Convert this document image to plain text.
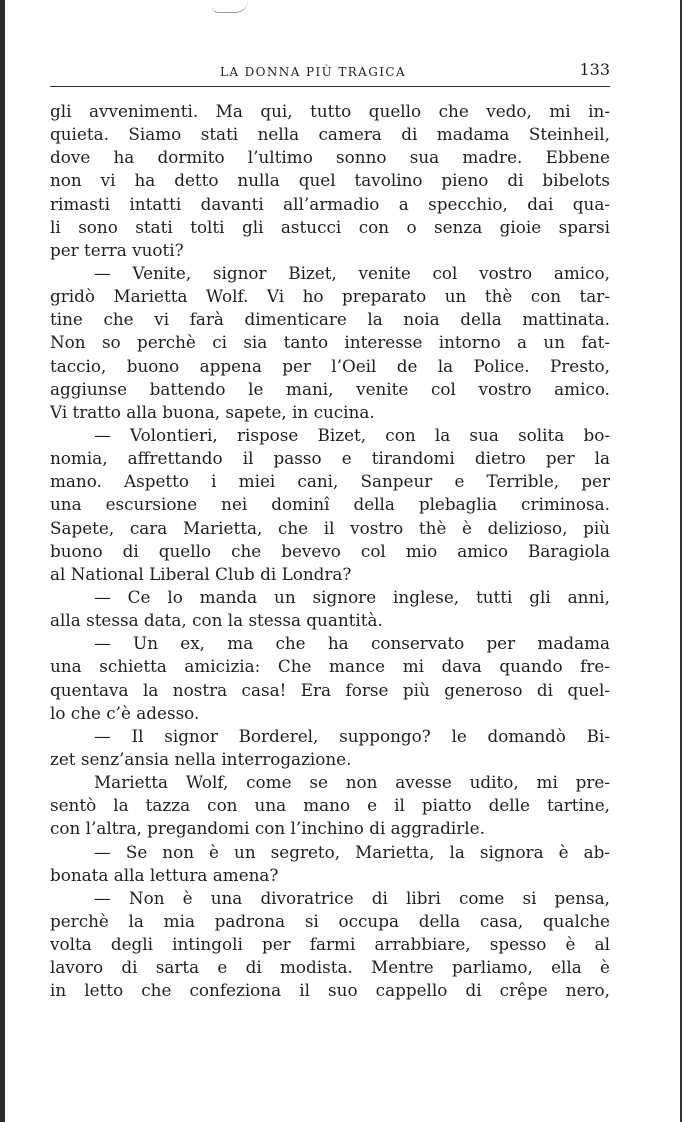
LA DONNA PIÙ TRAGICA	133
gli avvenimenti. Ma qui, tutto quello che vedo, mi in-
quieta. Siamo stati nella camera di madama Steinheil,
dove ha dormito l’ultimo sonno sua madre. Ebbene
non vi ha detto nulla quel tavolino pieno di bibelots
rimasti intatti davanti all’armadio a specchio, dai qua-
li sono stati tolti gli astucci con o senza gioie sparsi
per terra vuoti?
— Venite, signor Bizet, venite col vostro amico,
gridò Marietta Wolf. Vi ho preparato un thè con tar-
tine che vi farà dimenticare la noia della mattinata.
Non so perchè ci sia tanto interesse intorno a un fat-
taccio, buono appena per l’Oeil de la Police. Presto,
aggiunse battendo le mani, venite col vostro amico.
Vi tratto alla buona, sapete, in cucina.
— Volontieri, rispose Bizet, con la sua solita bo-
nomia, affrettando il passo e tirandomi dietro per la
mano. Aspetto i miei cani, Sanpeur e Terrible, per
una escursione nei dominî della plebaglia criminosa.
Sapete, cara Marietta, che il vostro thè è delizioso, più
buono di quello che bevevo col mio amico Baragiola
al National Liberal Club di Londra?
— Ce lo manda un signore inglese, tutti gli anni,
alla stessa data, con la stessa quantità.
— Un ex, ma che ha conservato per madama
una schietta amicizia: Che mance mi dava quando fre-
quentava la nostra casa! Era forse più generoso di quel-
lo che c’è adesso.
— Il signor Borderel, suppongo? le domandò Bi-
zet senz’ansia nella interrogazione.
Marietta Wolf, come se non avesse udito, mi pre-
sentò la tazza con una mano e il piatto delle tartine,
con l’altra, pregandomi con l’inchino di aggradirle.
— Se non è un segreto, Marietta, la signora è ab-
bonata alla lettura amena?
— Non è una divoratrice di libri come si pensa,
perchè la mia padrona si occupa della casa, qualche
volta degli intingoli per farmi arrabbiare, spesso è al
lavoro di sarta e di modista. Mentre parliamo, ella è
in letto che confeziona il suo cappello di crêpe nero,
